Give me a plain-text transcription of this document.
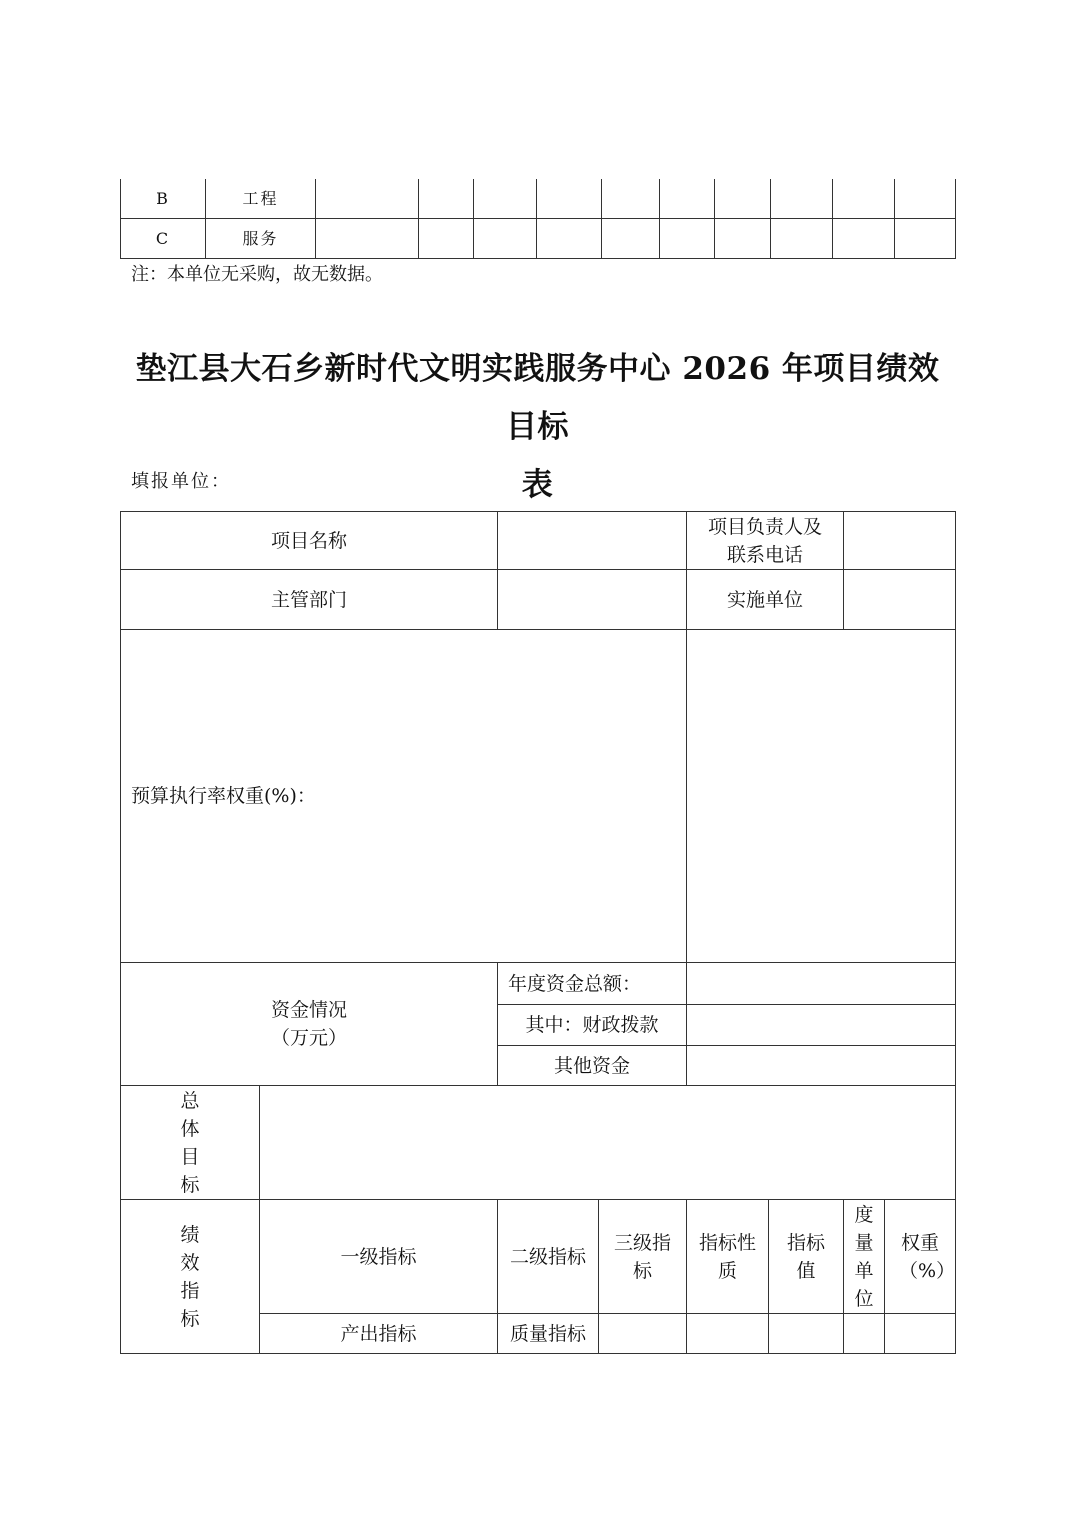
B	工程										
C	服务										
注：本单位无采购，故无数据。
垫江县大石乡新时代文明实践服务中心 2026 年项目绩效目标
表
填报单位：
项目名称				项目负责人及联系电话			
主管部门				实施单位			
预算执行率权重(%)：							

资金情况
（万元）		年度资金总额：					
		其中：财政拨款					
		其他资金					
总体目标							
绩效指标	一级指标	二级指标	三级指标	指标性质	指标值	度量单位	权重（%）
	产出指标	质量指标					
